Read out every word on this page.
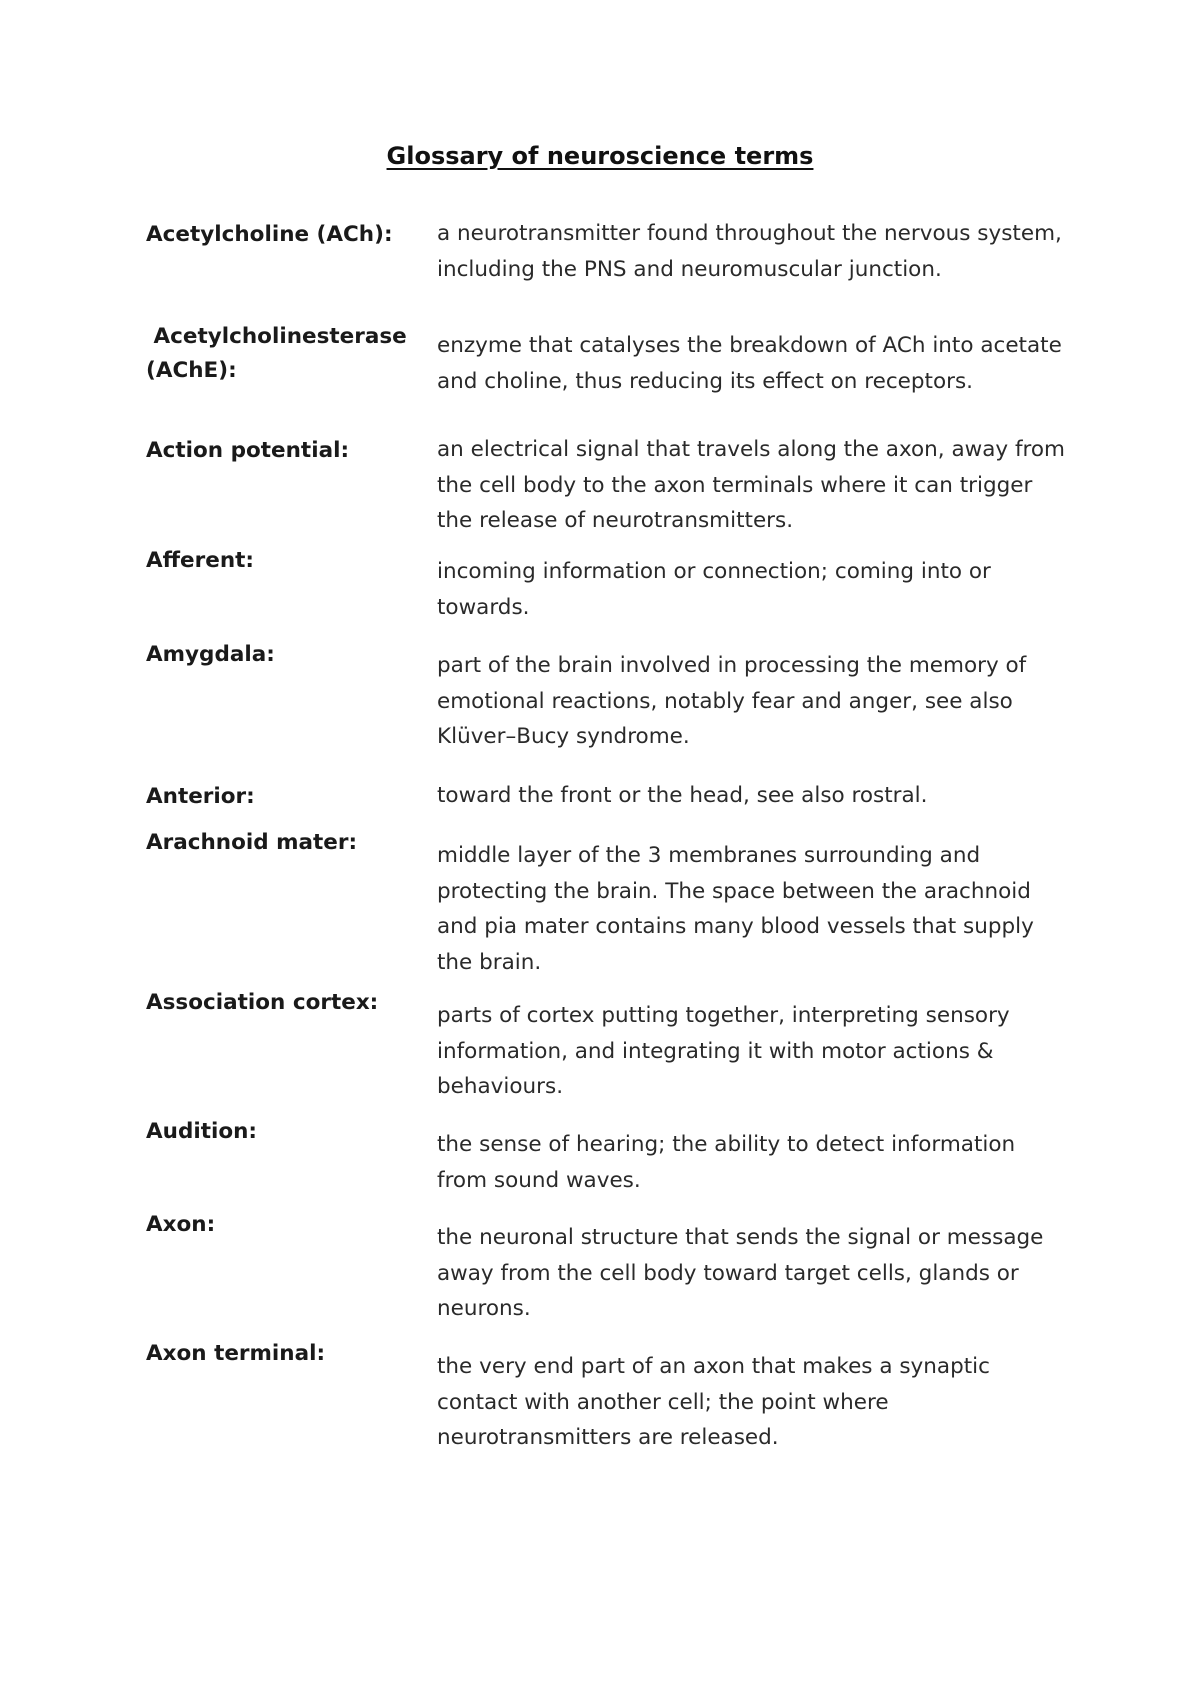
Glossary of neuroscience terms
Acetylcholine (ACh):	a neurotransmitter found throughout the nervous system, including the PNS and neuromuscular junction.
Acetylcholinesterase (AChE):
enzyme that catalyses the breakdown of ACh into acetate and choline, thus reducing its effect on receptors.
Action potential:	an electrical signal that travels along the axon, away from the cell body to the axon terminals where it can trigger the release of neurotransmitters.
Afferent:	incoming information or connection; coming into or towards.
Amygdala:	part of the brain involved in processing the memory of emotional reactions, notably fear and anger, see also Klüver–Bucy syndrome.
Anterior:	toward the front or the head, see also rostral.
Arachnoid mater:
middle layer of the 3 membranes surrounding and protecting the brain. The space between the arachnoid and pia mater contains many blood vessels that supply the brain.
Association cortex:
parts of cortex putting together, interpreting sensory information, and integrating it with motor actions & behaviours.
Audition:
the sense of hearing; the ability to detect information from sound waves.
Axon:
the neuronal structure that sends the signal or message away from the cell body toward target cells, glands or neurons.
Axon terminal:
the very end part of an axon that makes a synaptic contact with another cell; the point where neurotransmitters are released.
